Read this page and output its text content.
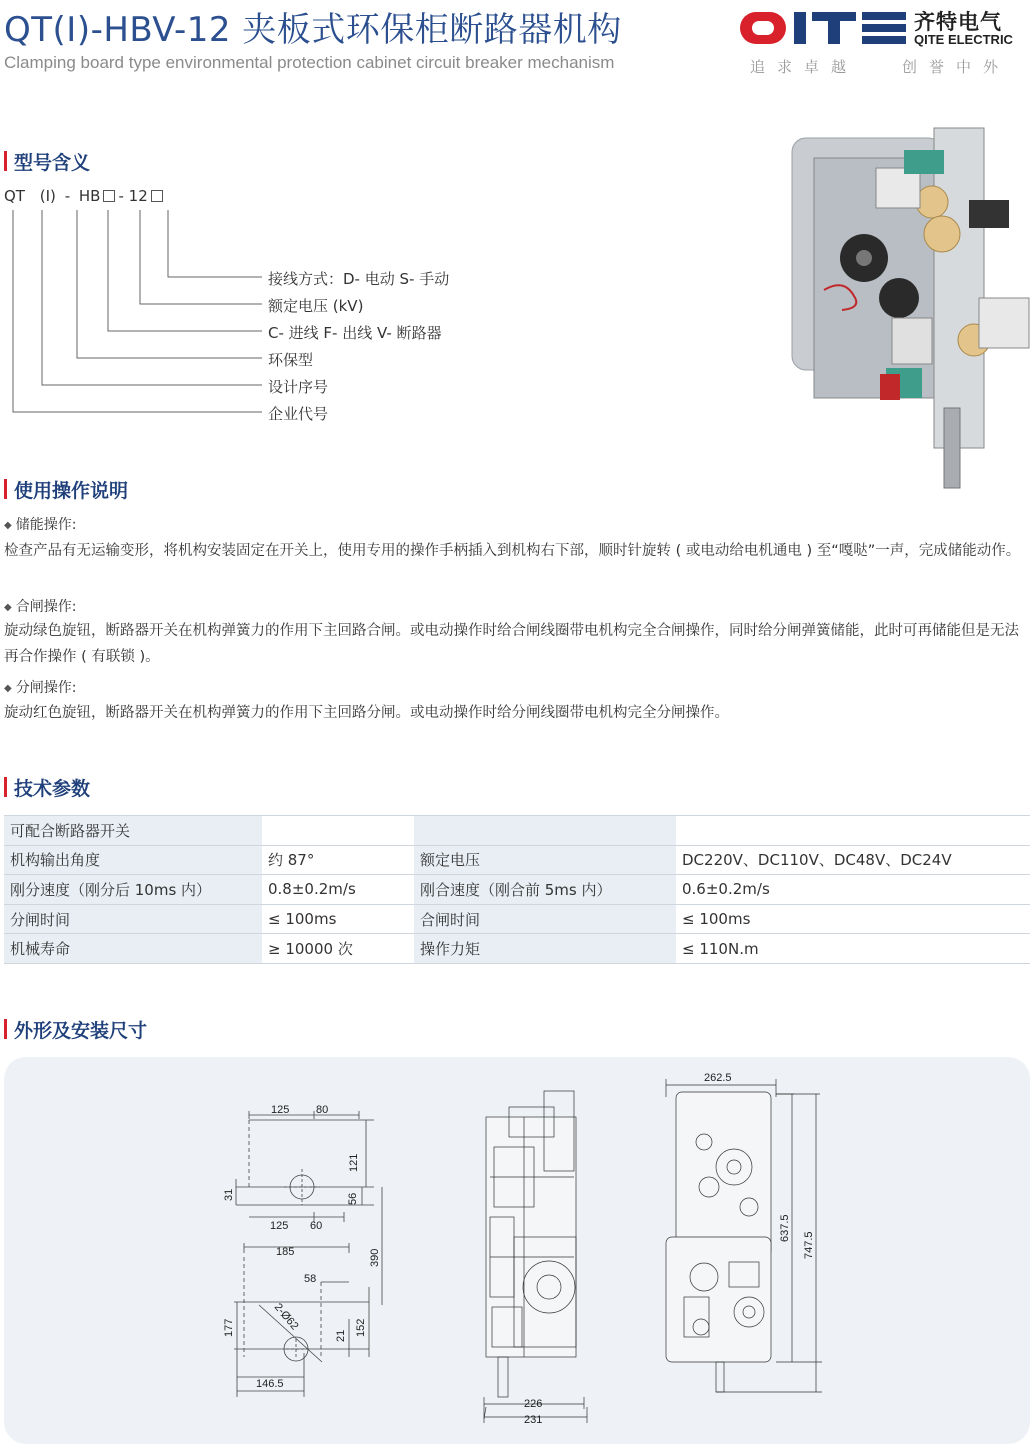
QT(I)-HBV-12 夹板式环保柜断路器机构
Clamping board type environmental protection cabinet circuit breaker mechanism
齐特电气
QITE ELECTRIC
追求卓越	创誉中外
型号含义
QT (I) - HB - 12
接线方式：D- 电动 S- 手动
额定电压 (kV)
C- 进线 F- 出线 V- 断路器
环保型
设计序号
企业代号
使用操作说明
◆ 储能操作:
检查产品有无运输变形，将机构安装固定在开关上，使用专用的操作手柄插入到机构右下部，顺时针旋转 ( 或电动给电机通电 ) 至“嘎哒”一声，完成储能动作。
◆ 合闸操作:
旋动绿色旋钮，断路器开关在机构弹簧力的作用下主回路合闸。或电动操作时给合闸线圈带电机构完全合闸操作，同时给分闸弹簧储能，此时可再储能但是无法再合作操作 ( 有联锁 )。
◆ 分闸操作:
旋动红色旋钮，断路器开关在机构弹簧力的作用下主回路分闸。或电动操作时给分闸线圈带电机构完全分闸操作。
技术参数
可配合断路器开关			
机构输出角度	约 87°	额定电压	DC220V、DC110V、DC48V、DC24V
刚分速度（刚分后 10ms 内）	0.8±0.2m/s	刚合速度（刚合前 5ms 内）	0.6±0.2m/s
分闸时间	≤ 100ms	合闸时间	≤ 100ms
机械寿命	≥ 10000 次	操作力矩	≤ 110N.m
外形及安装尺寸
125 80
121
56
31
125 60
185
58
2-Ø62
177	21 152
390
146.5
226
231
262.5
637.5
747.5
